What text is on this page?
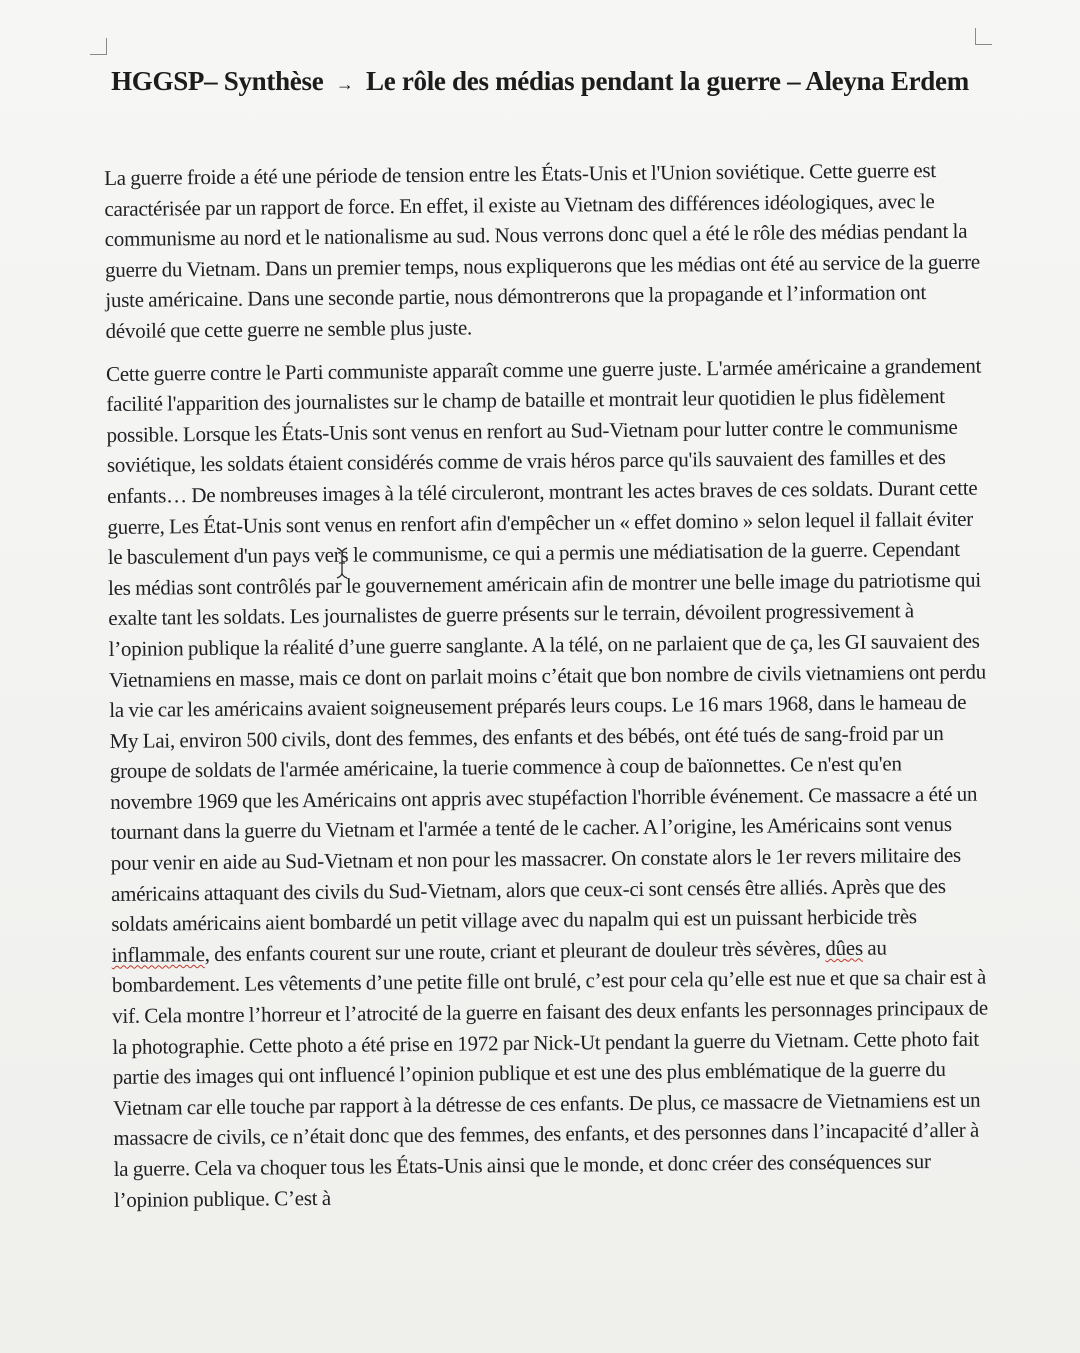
HGGSP– Synthèse → Le rôle des médias pendant la guerre – Aleyna Erdem

La guerre froide a été une période de tension entre les États-Unis et l'Union soviétique. Cette guerre est caractérisée par un rapport de force. En effet, il existe au Vietnam des différences idéologiques, avec le communisme au nord et le nationalisme au sud. Nous verrons donc quel a été le rôle des médias pendant la guerre du Vietnam. Dans un premier temps, nous expliquerons que les médias ont été au service de la guerre juste américaine. Dans une seconde partie, nous démontrerons que la propagande et l’information ont dévoilé que cette guerre ne semble plus juste.

Cette guerre contre le Parti communiste apparaît comme une guerre juste. L'armée américaine a grandement facilité l'apparition des journalistes sur le champ de bataille et montrait leur quotidien le plus fidèlement possible. Lorsque les États-Unis sont venus en renfort au Sud-Vietnam pour lutter contre le communisme soviétique, les soldats étaient considérés comme de vrais héros parce qu'ils sauvaient des familles et des enfants… De nombreuses images à la télé circuleront, montrant les actes braves de ces soldats. Durant cette guerre, Les État-Unis sont venus en renfort afin d'empêcher un « effet domino » selon lequel il fallait éviter le basculement d'un pays vers le communisme, ce qui a permis une médiatisation de la guerre. Cependant les médias sont contrôlés par le gouvernement américain afin de montrer une belle image du patriotisme qui exalte tant les soldats. Les journalistes de guerre présents sur le terrain, dévoilent progressivement à l’opinion publique la réalité d’une guerre sanglante. A la télé, on ne parlaient que de ça, les GI sauvaient des Vietnamiens en masse, mais ce dont on parlait moins c’était que bon nombre de civils vietnamiens ont perdu la vie car les américains avaient soigneusement préparés leurs coups. Le 16 mars 1968, dans le hameau de My Lai, environ 500 civils, dont des femmes, des enfants et des bébés, ont été tués de sang-froid par un groupe de soldats de l'armée américaine, la tuerie commence à coup de baïonnettes. Ce n'est qu'en novembre 1969 que les Américains ont appris avec stupéfaction l'horrible événement. Ce massacre a été un tournant dans la guerre du Vietnam et l'armée a tenté de le cacher. A l’origine, les Américains sont venus pour venir en aide au Sud-Vietnam et non pour les massacrer. On constate alors le 1er revers militaire des américains attaquant des civils du Sud-Vietnam, alors que ceux-ci sont censés être alliés. Après que des soldats américains aient bombardé un petit village avec du napalm qui est un puissant herbicide très inflammale, des enfants courent sur une route, criant et pleurant de douleur très sévères, dûes au bombardement. Les vêtements d’une petite fille ont brulé, c’est pour cela qu’elle est nue et que sa chair est à vif. Cela montre l’horreur et l’atrocité de la guerre en faisant des deux enfants les personnages principaux de la photographie. Cette photo a été prise en 1972 par Nick-Ut pendant la guerre du Vietnam. Cette photo fait partie des images qui ont influencé l’opinion publique et est une des plus emblématique de la guerre du Vietnam car elle touche par rapport à la détresse de ces enfants. De plus, ce massacre de Vietnamiens est un massacre de civils, ce n’était donc que des femmes, des enfants, et des personnes dans l’incapacité d’aller à la guerre. Cela va choquer tous les États-Unis ainsi que le monde, et donc créer des conséquences sur l’opinion publique. C’est à
